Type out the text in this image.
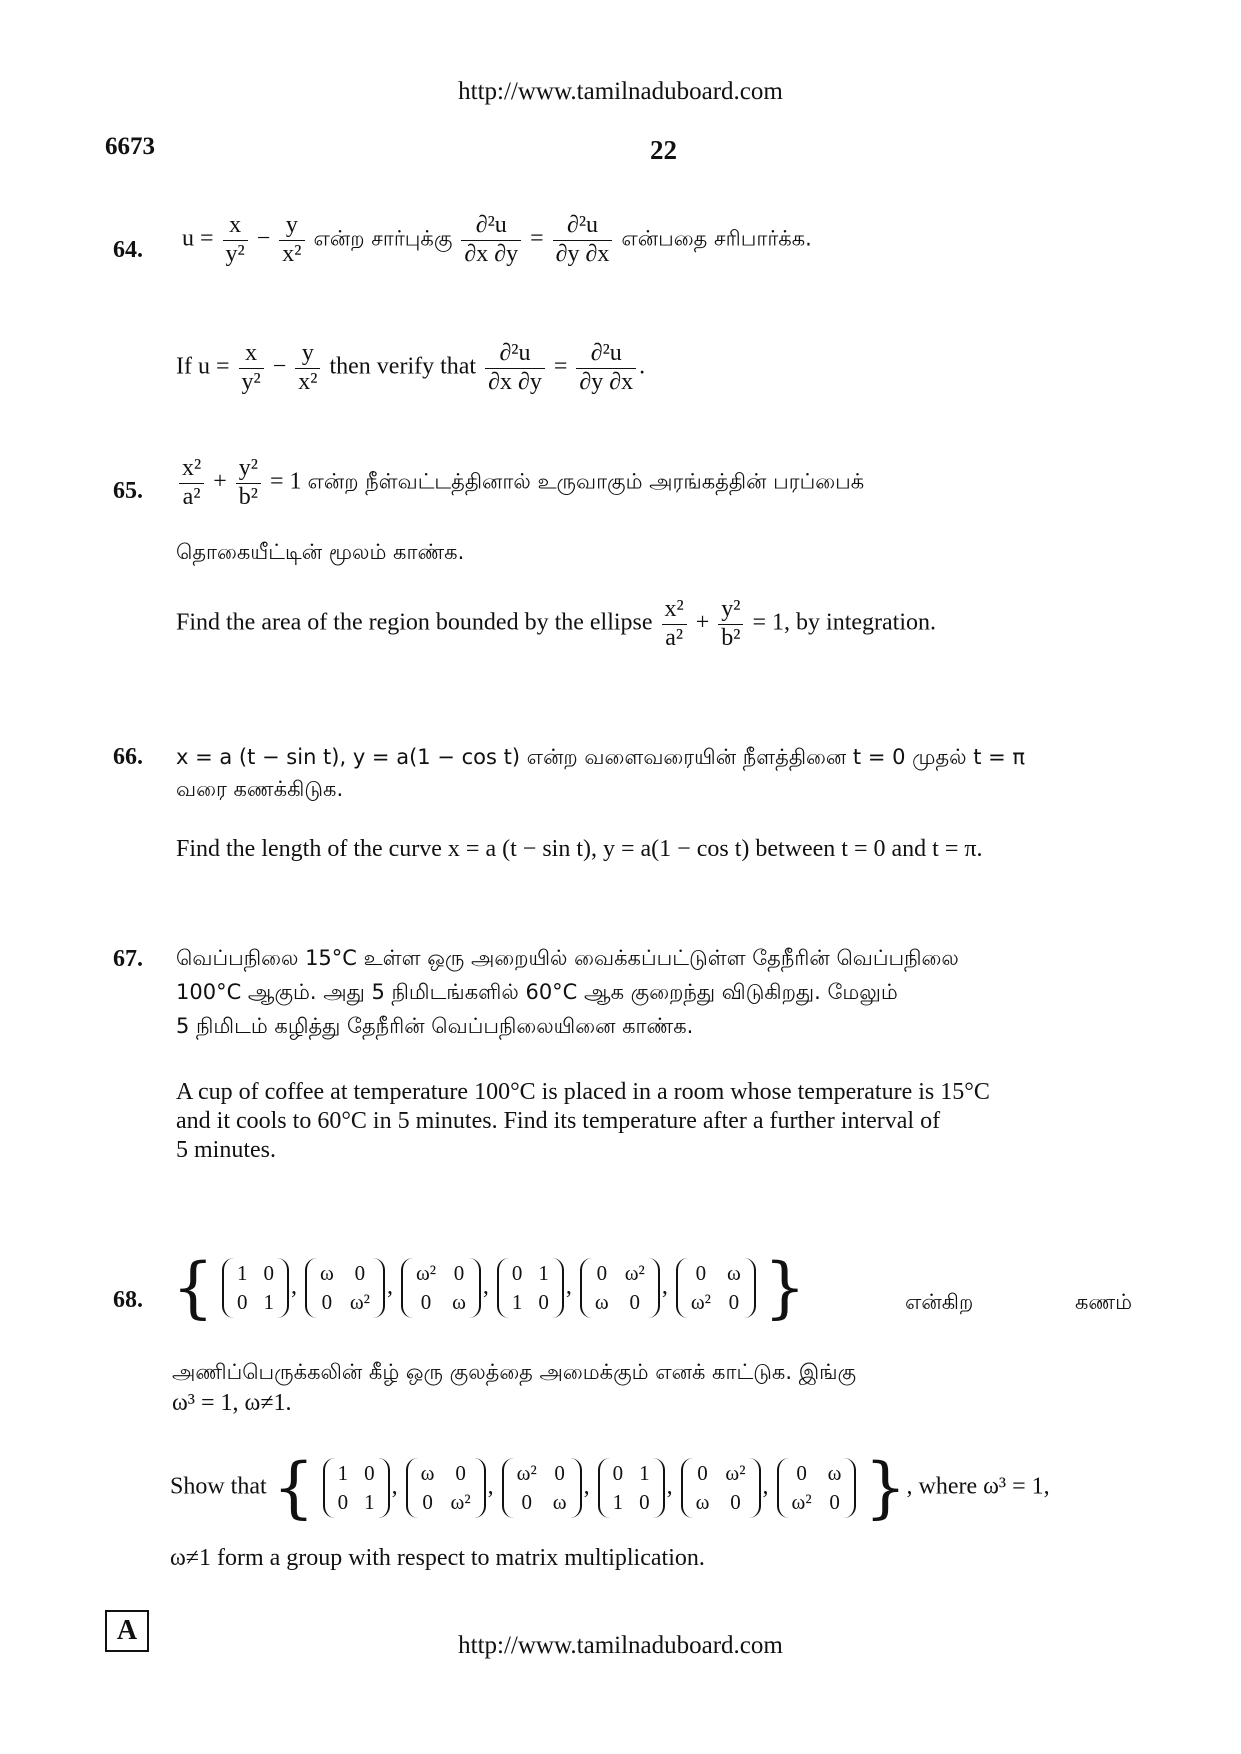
http://www.tamilnaduboard.com
6673	22
64. $u = \frac{x}{\text{y²}} - \frac{y}{\text{x²}}$ என்ற சார்புக்கு $\frac{\text{∂²u}}{\partial x \partial y} = \frac{\text{∂²u}}{\partial y \partial x}$ என்பதை சரிபார்க்க.
If $u = \frac{x}{\text{y²}} - \frac{y}{\text{x²}}$ then verify that $\frac{\text{∂²u}}{\partial x \partial y} = \frac{\text{∂²u}}{\partial y \partial x}$ .
65. $\frac{\text{x²}}{\text{a²}} + \frac{\text{y²}}{\text{b²}} = 1$ என்ற நீள்வட்டத்தினால் உருவாகும் அரங்கத்தின் பரப்பைக்
தொகையீட்டின் மூலம் காண்க.
Find the area of the region bounded by the ellipse $\frac{\text{x²}}{\text{a²}} + \frac{\text{y²}}{\text{b²}} = 1$, by integration.
66. x = a (t − sin t), y = a(1 − cos t) என்ற வளைவரையின் நீளத்தினை t = 0 முதல் t = π
வரை கணக்கிடுக.
Find the length of the curve x = a (t − sin t), y = a(1 − cos t) between t = 0 and t = π.
67. வெப்பநிலை 15°C உள்ள ஒரு அறையில் வைக்கப்பட்டுள்ள தேநீரின் வெப்பநிலை
100°C ஆகும். அது 5 நிமிடங்களில் 60°C ஆக குறைந்து விடுகிறது. மேலும்
5 நிமிடம் கழித்து தேநீரின் வெப்பநிலையினை காண்க.
A cup of coffee at temperature 100°C is placed in a room whose temperature is 15°C
and it cools to 60°C in 5 minutes. Find its temperature after a further interval of
5 minutes.
68. { 1	0
0	1
,
ω	0
0	ω²
,
ω²	0
0	ω
,
0	1
1	0
,
0	ω²
ω	0
,
0	ω
ω²	0 }	என்கிற	கணம்
அணிப்பெருக்கலின் கீழ் ஒரு குலத்தை அமைக்கும் எனக் காட்டுக. இங்கு
ω³ = 1, ω≠1.
Show that { 1	0
0	1
,
ω	0
0	ω²
,
ω²	0
0	ω
,
0	1
1	0
,
0	ω²
ω	0
,
0	ω
ω²	0 }, where ω³ = 1,
ω≠1 form a group with respect to matrix multiplication.
A	http://www.tamilnaduboard.com
